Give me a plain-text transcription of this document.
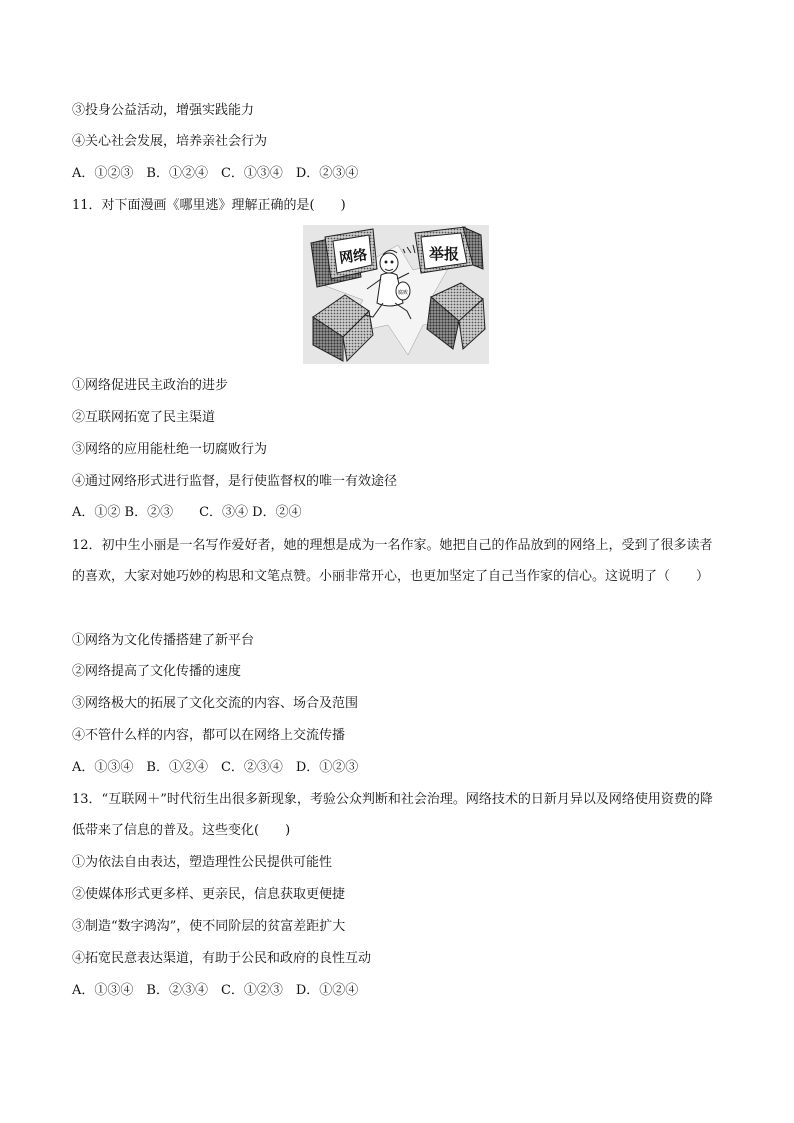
③投身公益活动，增强实践能力
④关心社会发展，培养亲社会行为
A．①②③　B．①②④　C．①③④　D．②③④
11．对下面漫画《哪里逃》理解正确的是(　　)
网络	举报
腐败
①网络促进民主政治的进步
②互联网拓宽了民主渠道
③网络的应用能杜绝一切腐败行为
④通过网络形式进行监督，是行使监督权的唯一有效途径
A．①② B．②③　　C．③④ D．②④
12．初中生小丽是一名写作爱好者，她的理想是成为一名作家。她把自己的作品放到的网络上，受到了很多读者的喜欢，大家对她巧妙的构思和文笔点赞。小丽非常开心，也更加坚定了自己当作家的信心。这说明了（　　）
①网络为文化传播搭建了新平台
②网络提高了文化传播的速度
③网络极大的拓展了文化交流的内容、场合及范围
④不管什么样的内容，都可以在网络上交流传播
A．①③④　B．①②④　C．②③④　D．①②③
13．“互联网＋”时代衍生出很多新现象，考验公众判断和社会治理。网络技术的日新月异以及网络使用资费的降低带来了信息的普及。这些变化(　　)
①为依法自由表达，塑造理性公民提供可能性
②使媒体形式更多样、更亲民，信息获取更便捷
③制造“数字鸿沟”，使不同阶层的贫富差距扩大
④拓宽民意表达渠道，有助于公民和政府的良性互动
A．①③④　B．②③④　C．①②③　D．①②④
